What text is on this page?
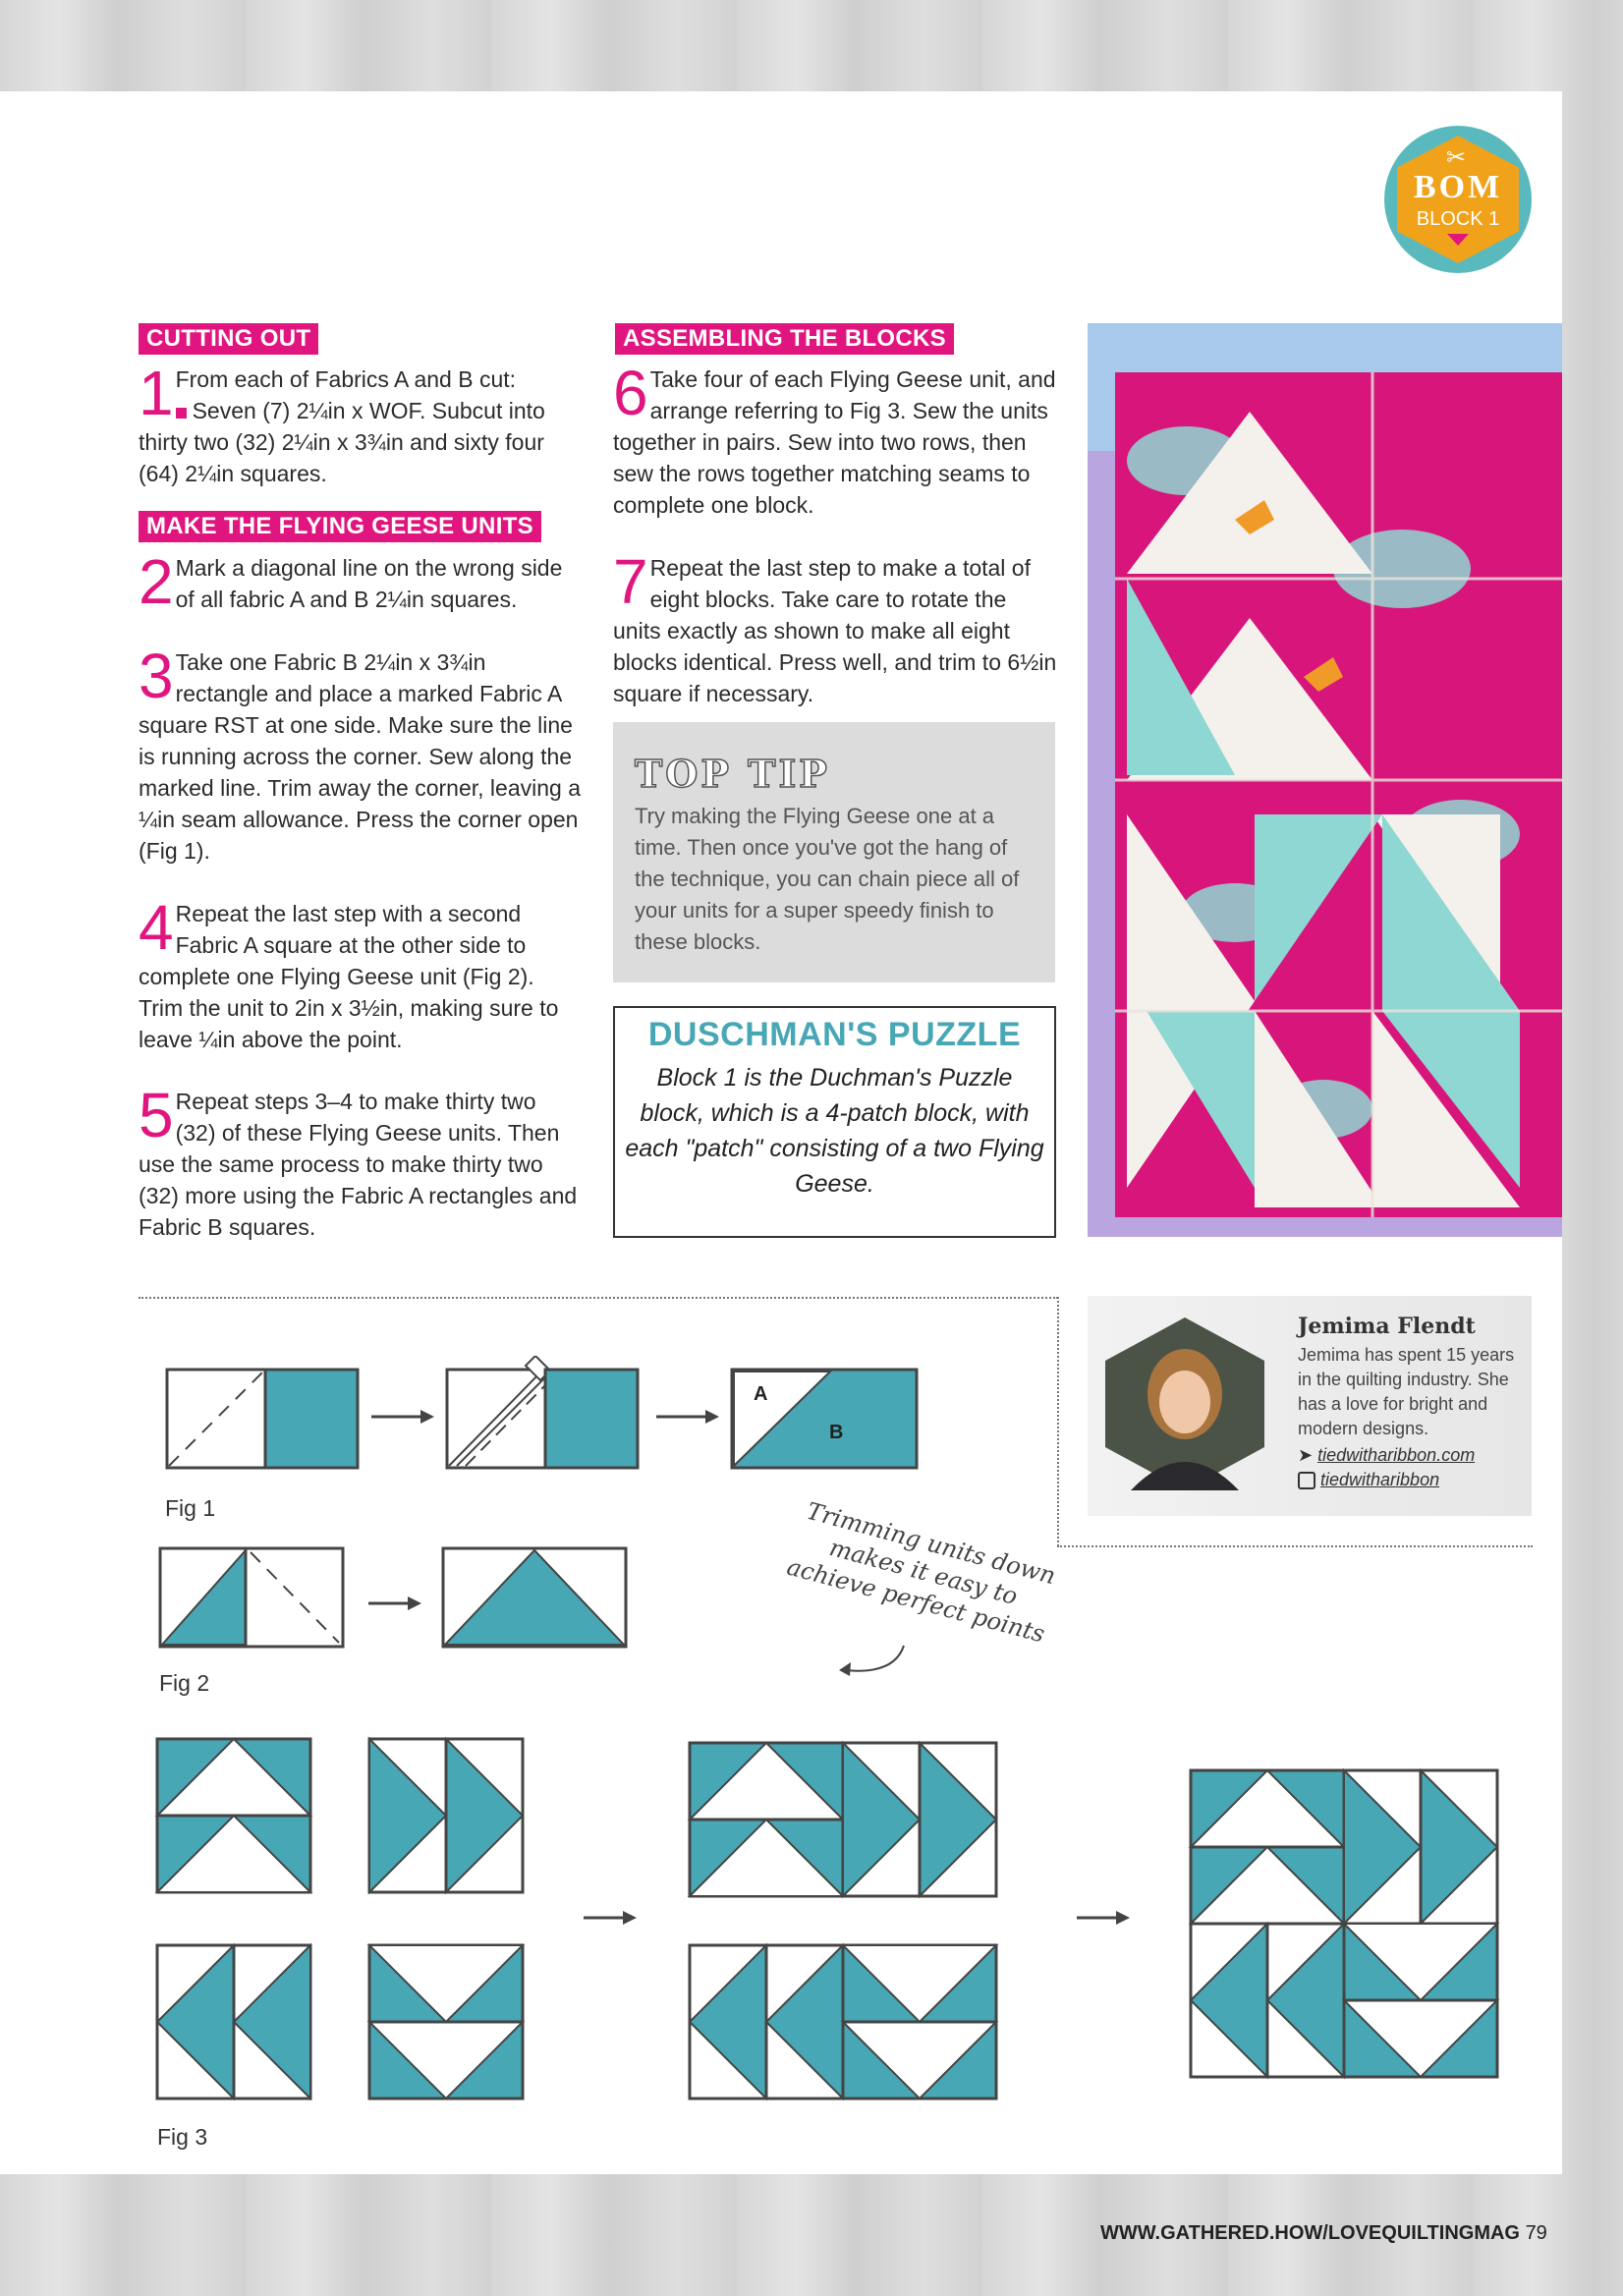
✂
BOM
BLOCK 1
CUTTING OUT
1 From each of Fabrics A and B cut:
Seven (7) 2¼in x WOF. Subcut into thirty two (32) 2¼in x 3¾in and sixty four (64) 2¼in squares.
MAKE THE FLYING GEESE UNITS
2 Mark a diagonal line on the wrong side of all fabric A and B 2¼in squares.
3 Take one Fabric B 2¼in x 3¾in rectangle and place a marked Fabric A square RST at one side. Make sure the line is running across the corner. Sew along the marked line. Trim away the corner, leaving a ¼in seam allowance. Press the corner open (Fig 1).
4 Repeat the last step with a second Fabric A square at the other side to complete one Flying Geese unit (Fig 2). Trim the unit to 2in x 3½in, making sure to leave ¼in above the point.
5 Repeat steps 3–4 to make thirty two (32) of these Flying Geese units. Then use the same process to make thirty two (32) more using the Fabric A rectangles and Fabric B squares.
ASSEMBLING THE BLOCKS
6 Take four of each Flying Geese unit, and arrange referring to Fig 3. Sew the units together in pairs. Sew into two rows, then sew the rows together matching seams to complete one block.
7 Repeat the last step to make a total of eight blocks. Take care to rotate the units exactly as shown to make all eight blocks identical. Press well, and trim to 6½in square if necessary.
TOP TIP
Try making the Flying Geese one at a time. Then once you've got the hang of the technique, you can chain piece all of your units for a super speedy finish to these blocks.
DUSCHMAN'S PUZZLE
Block 1 is the Duchman's Puzzle block, which is a 4-patch block, with each "patch" consisting of a two Flying Geese.
Jemima Flendt
Jemima has spent 15 years in the quilting industry. She has a love for bright and modern designs.
➤ tiedwitharibbon.com
tiedwitharibbon
A
B
Fig 1
Fig 2
Trimming units down makes it easy to achieve perfect points
Fig 3
WWW.GATHERED.HOW/LOVEQUILTINGMAG 79
